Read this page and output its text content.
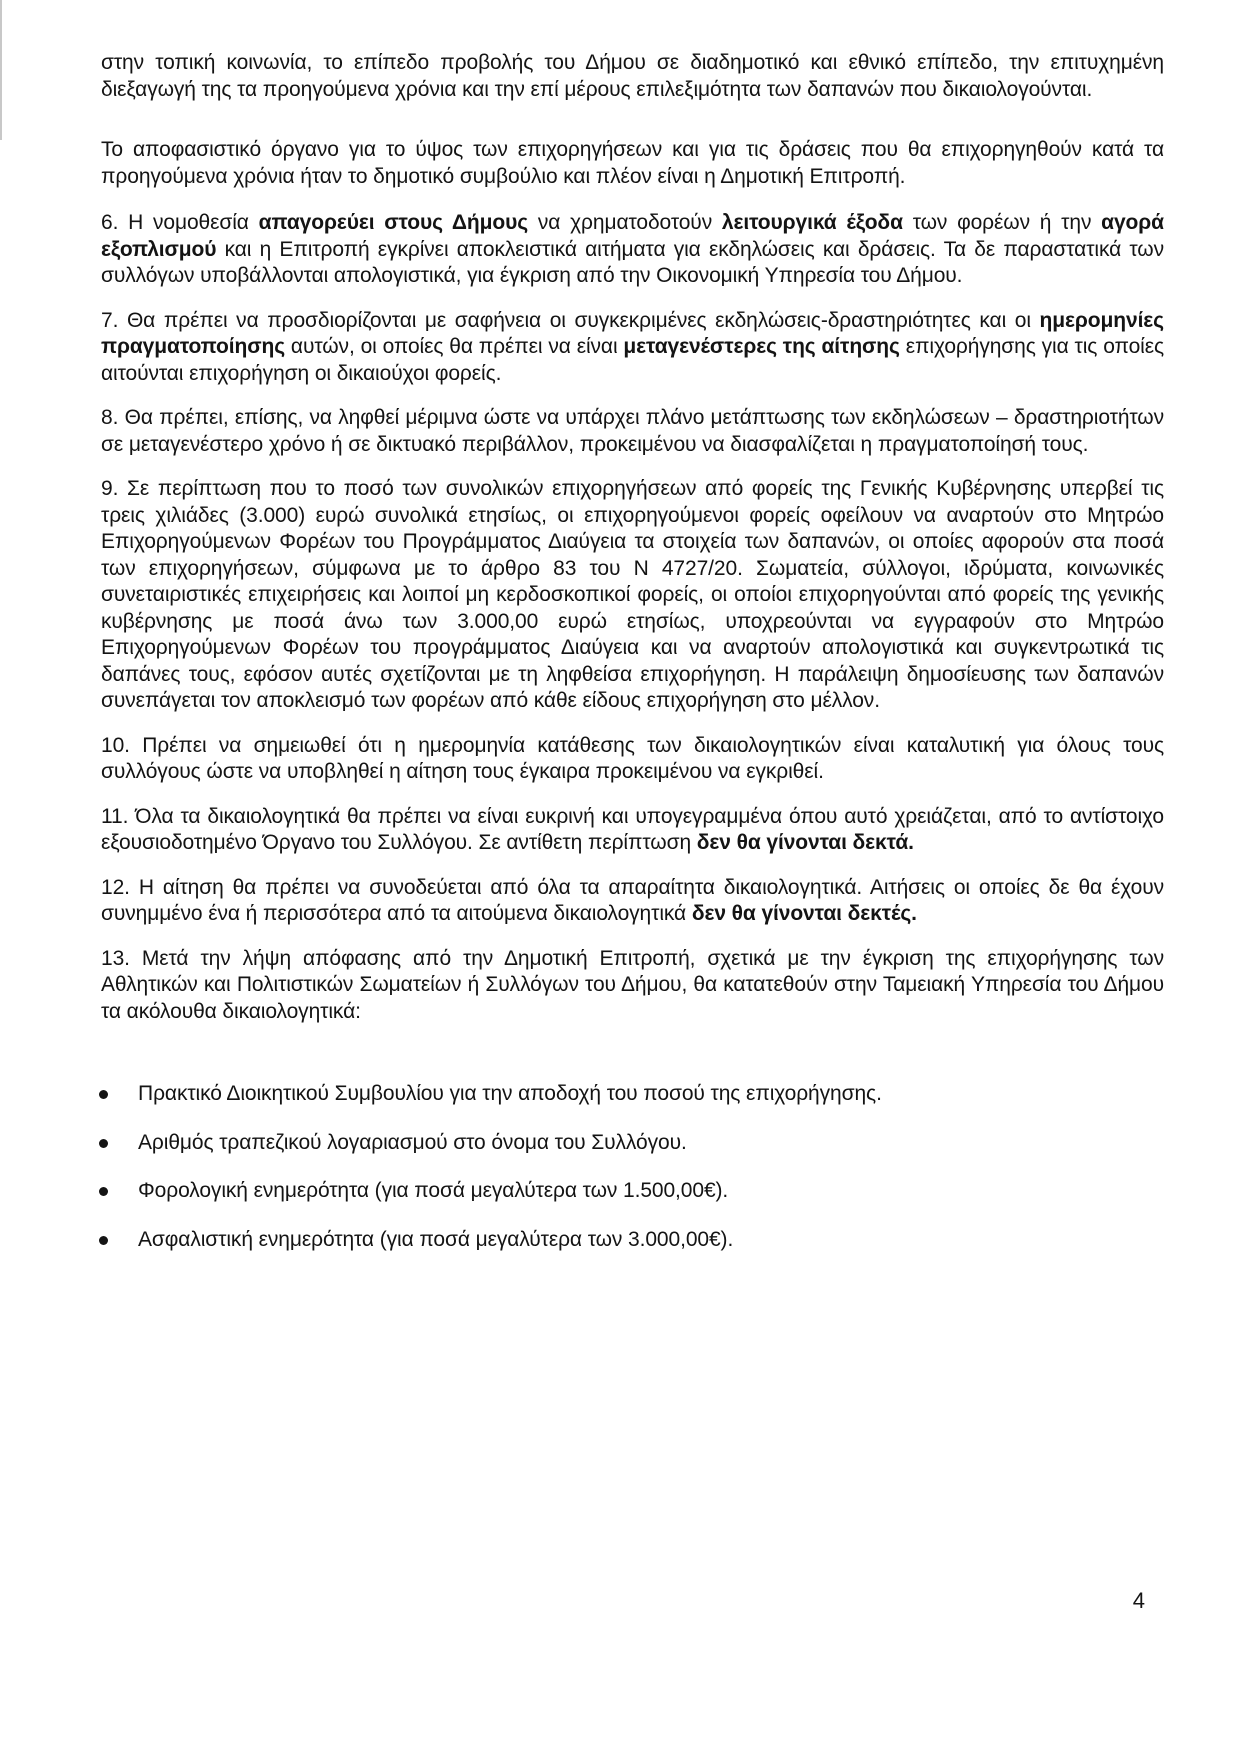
στην τοπική κοινωνία, το επίπεδο προβολής του Δήμου σε διαδημοτικό και εθνικό επίπεδο, την επιτυχημένη διεξαγωγή της τα προηγούμενα χρόνια και την επί μέρους επιλεξιμότητα των δαπανών που δικαιολογούνται.

Το αποφασιστικό όργανο για το ύψος των επιχορηγήσεων και για τις δράσεις που θα επιχορηγηθούν κατά τα προηγούμενα χρόνια ήταν το δημοτικό συμβούλιο και πλέον είναι η Δημοτική Επιτροπή.

6. Η νομοθεσία απαγορεύει στους Δήμους να χρηματοδοτούν λειτουργικά έξοδα των φορέων ή την αγορά εξοπλισμού και η Επιτροπή εγκρίνει αποκλειστικά αιτήματα για εκδηλώσεις και δράσεις. Τα δε παραστατικά των συλλόγων υποβάλλονται απολογιστικά, για έγκριση από την Οικονομική Υπηρεσία του Δήμου.

7. Θα πρέπει να προσδιορίζονται με σαφήνεια οι συγκεκριμένες εκδηλώσεις-δραστηριότητες και οι ημερομηνίες πραγματοποίησης αυτών, οι οποίες θα πρέπει να είναι μεταγενέστερες της αίτησης επιχορήγησης για τις οποίες αιτούνται επιχορήγηση οι δικαιούχοι φορείς.

8. Θα πρέπει, επίσης, να ληφθεί μέριμνα ώστε να υπάρχει πλάνο μετάπτωσης των εκδηλώσεων – δραστηριοτήτων σε μεταγενέστερο χρόνο ή σε δικτυακό περιβάλλον, προκειμένου να διασφαλίζεται η πραγματοποίησή τους.

9. Σε περίπτωση που το ποσό των συνολικών επιχορηγήσεων από φορείς της Γενικής Κυβέρνησης υπερβεί τις τρεις χιλιάδες (3.000) ευρώ συνολικά ετησίως, οι επιχορηγούμενοι φορείς οφείλουν να αναρτούν στο Μητρώο Επιχορηγούμενων Φορέων του Προγράμματος Διαύγεια τα στοιχεία των δαπανών, οι οποίες αφορούν στα ποσά των επιχορηγήσεων, σύμφωνα με το άρθρο 83 του Ν 4727/20. Σωματεία, σύλλογοι, ιδρύματα, κοινωνικές συνεταιριστικές επιχειρήσεις και λοιποί μη κερδοσκοπικοί φορείς, οι οποίοι επιχορηγούνται από φορείς της γενικής κυβέρνησης με ποσά άνω των 3.000,00 ευρώ ετησίως, υποχρεούνται να εγγραφούν στο Μητρώο Επιχορηγούμενων Φορέων του προγράμματος Διαύγεια και να αναρτούν απολογιστικά και συγκεντρωτικά τις δαπάνες τους, εφόσον αυτές σχετίζονται με τη ληφθείσα επιχορήγηση. Η παράλειψη δημοσίευσης των δαπανών συνεπάγεται τον αποκλεισμό των φορέων από κάθε είδους επιχορήγηση στο μέλλον.

10. Πρέπει να σημειωθεί ότι η ημερομηνία κατάθεσης των δικαιολογητικών είναι καταλυτική για όλους τους συλλόγους ώστε να υποβληθεί η αίτηση τους έγκαιρα προκειμένου να εγκριθεί.

11. Όλα τα δικαιολογητικά θα πρέπει να είναι ευκρινή και υπογεγραμμένα όπου αυτό χρειάζεται, από το αντίστοιχο εξουσιοδοτημένο Όργανο του Συλλόγου. Σε αντίθετη περίπτωση δεν θα γίνονται δεκτά.

12. Η αίτηση θα πρέπει να συνοδεύεται από όλα τα απαραίτητα δικαιολογητικά. Αιτήσεις οι οποίες δε θα έχουν συνημμένο ένα ή περισσότερα από τα αιτούμενα δικαιολογητικά δεν θα γίνονται δεκτές.

13. Μετά την λήψη απόφασης από την Δημοτική Επιτροπή, σχετικά με την έγκριση της επιχορήγησης των Αθλητικών και Πολιτιστικών Σωματείων ή Συλλόγων του Δήμου, θα κατατεθούν στην Ταμειακή Υπηρεσία του Δήμου τα ακόλουθα δικαιολογητικά:

Πρακτικό Διοικητικού Συμβουλίου για την αποδοχή του ποσού της επιχορήγησης.
Αριθμός τραπεζικού λογαριασμού στο όνομα του Συλλόγου.
Φορολογική ενημερότητα (για ποσά μεγαλύτερα των 1.500,00€).
Ασφαλιστική ενημερότητα (για ποσά μεγαλύτερα των 3.000,00€).
4
